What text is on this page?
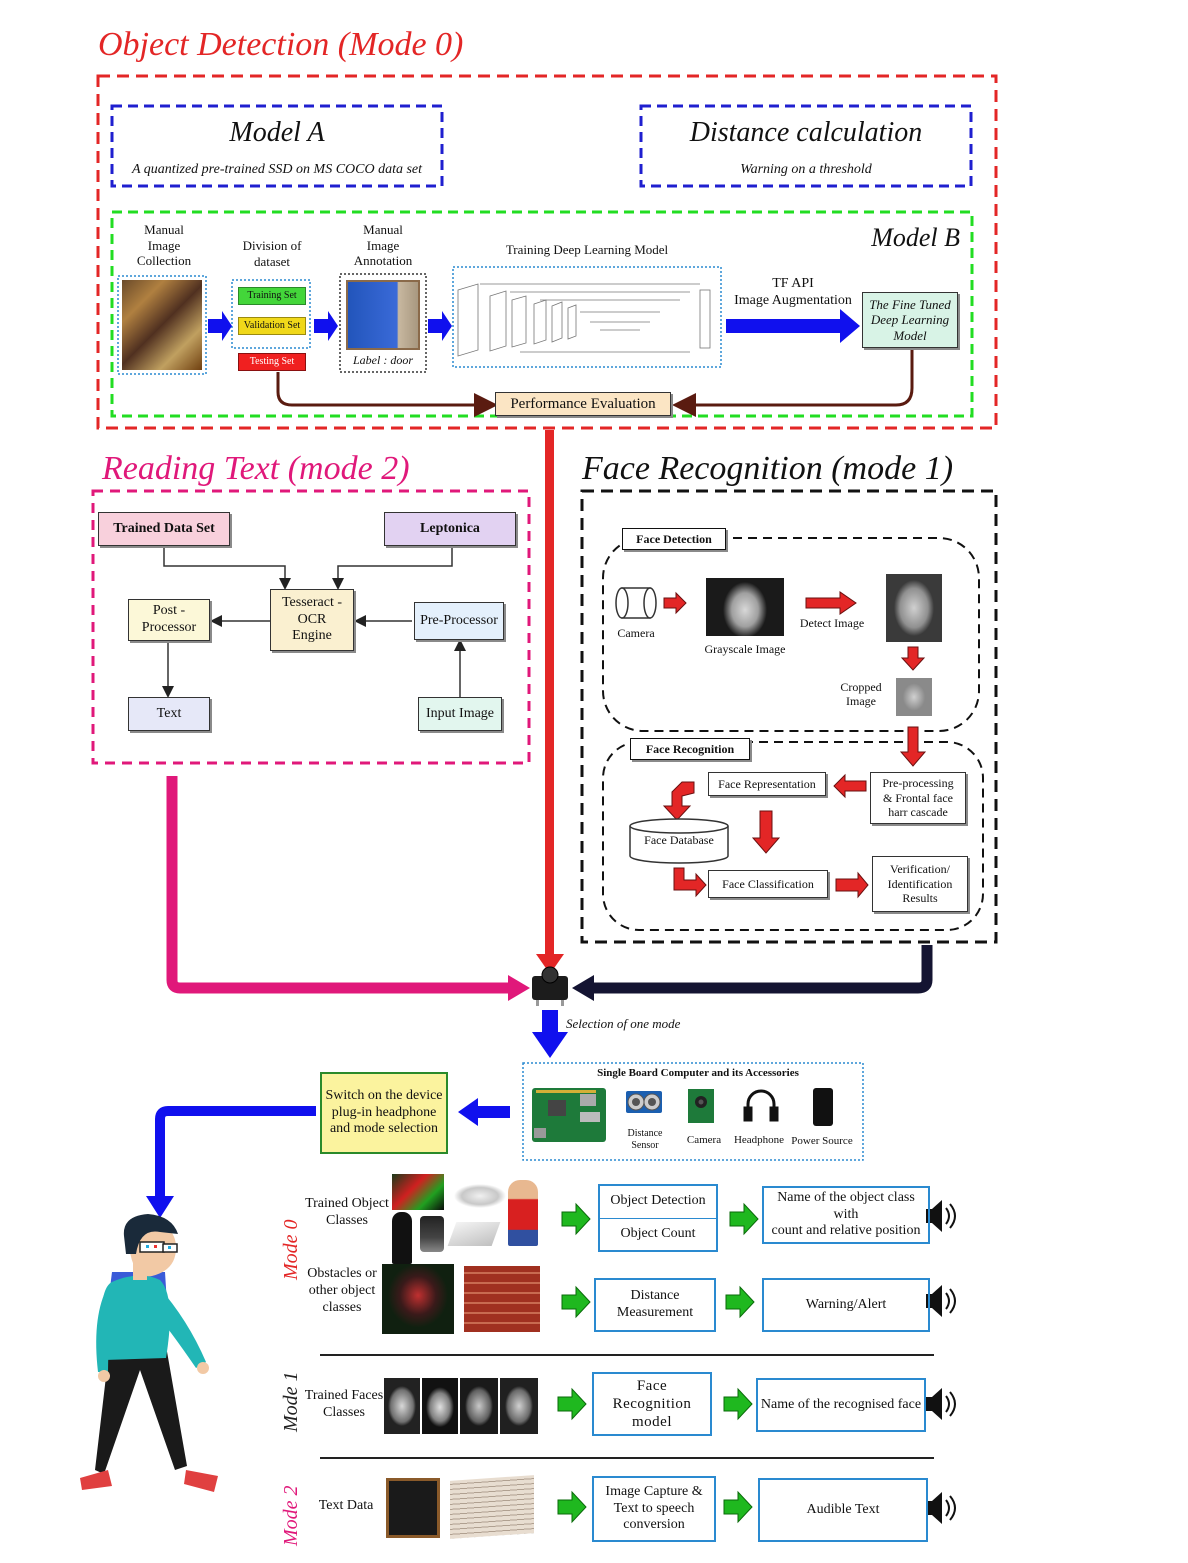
Object Detection (Mode 0)
Model A
A quantized pre-trained SSD on MS COCO data set
Distance calculation
Warning on a threshold
Model B
Manual
Image
Collection
Division of
dataset
Training Set
Validation Set
Testing Set
Manual
Image
Annotation
Label : door
Training Deep Learning Model
TF API
Image Augmentation	The Fine Tuned
Deep Learning
Model
Performance Evaluation
Reading Text (mode 2)
Trained Data Set	Leptonica
Tesseract -
OCR
Engine
Post -
Processor	Pre-Processor
Text	Input Image
Face Recognition (mode 1)
Face Detection
Camera
Grayscale Image
Detect Image
Cropped
Image
Face Recognition
Face Representation	Pre-processing
& Frontal face
harr cascade
Face Database
Face Classification
Verification/
Identification
Results
Selection of one mode
Single Board Computer and its Accessories
Distance
Sensor	Camera	Headphone Power Source
Switch on the device
plug-in headphone
and mode selection
Mode 0
Mode 1
Mode 2
Trained Object
Classes
Object Detection
Object Count
Name of the object class with
count and relative position
Obstacles or
other object
classes
Distance
Measurement
Warning/Alert
Trained Faces
Classes
Face
Recognition
model
Name of the recognised face
Text Data
Image Capture &
Text to speech
conversion
Audible Text
